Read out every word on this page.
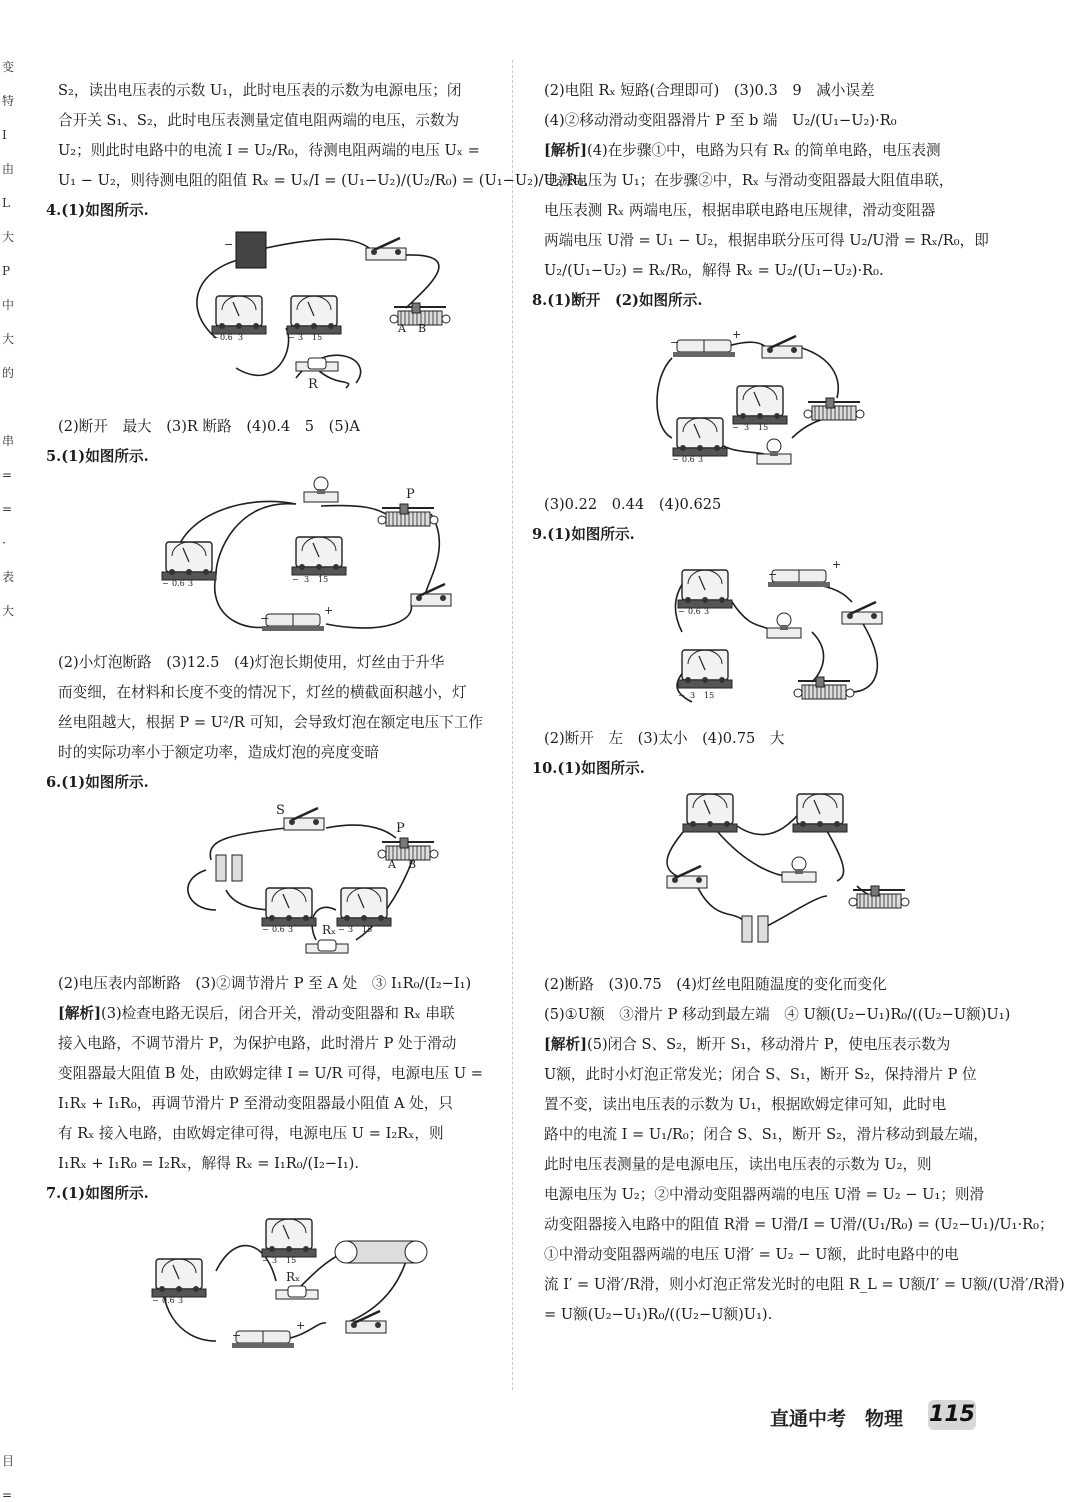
变
特
I
由
L
大
P
中
大
的
串
=
=
·
表
大
目
=
S₂，读出电压表的示数 U₁，此时电压表的示数为电源电压；闭
合开关 S₁、S₂，此时电压表测量定值电阻两端的电压，示数为
U₂；则此时电路中的电流 I = U₂/R₀，待测电阻两端的电压 Uₓ =
U₁ − U₂，则待测电阻的阻值 Rₓ = Uₓ/I = (U₁−U₂)/(U₂/R₀) = (U₁−U₂)/U₂·R₀.
4.(1)如图所示.
−
R
A B
− 0.6 3	− 3 15
(2)断开　最大　(3)R 断路　(4)0.4　5　(5)A
5.(1)如图所示.
P
−
+
− 0.6 3	− 3 15
(2)小灯泡断路　(3)12.5　(4)灯泡长期使用，灯丝由于升华
而变细，在材料和长度不变的情况下，灯丝的横截面积越小，灯
丝电阻越大，根据 P = U²/R 可知，会导致灯泡在额定电压下工作
时的实际功率小于额定功率，造成灯泡的亮度变暗
6.(1)如图所示.
S
P
A B
Rₓ
− 0.6 3	− 3 15
(2)电压表内部断路　(3)②调节滑片 P 至 A 处　③ I₁R₀/(I₂−I₁)
[解析](3)检查电路无误后，闭合开关，滑动变阻器和 Rₓ 串联
接入电路，不调节滑片 P，为保护电路，此时滑片 P 处于滑动
变阻器最大阻值 B 处，由欧姆定律 I = U/R 可得，电源电压 U =
I₁Rₓ + I₁R₀，再调节滑片 P 至滑动变阻器最小阻值 A 处，只
有 Rₓ 接入电路，由欧姆定律可得，电源电压 U = I₂Rₓ，则
I₁Rₓ + I₁R₀ = I₂Rₓ，解得 Rₓ = I₁R₀/(I₂−I₁).
7.(1)如图所示.
Rₓ
−
+
− 0.6 3
− 3 15
(2)电阻 Rₓ 短路(合理即可)　(3)0.3　9　减小误差
(4)②移动滑动变阻器滑片 P 至 b 端　U₂/(U₁−U₂)·R₀
[解析](4)在步骤①中，电路为只有 Rₓ 的简单电路，电压表测
电源电压为 U₁；在步骤②中，Rₓ 与滑动变阻器最大阻值串联，
电压表测 Rₓ 两端电压，根据串联电路电压规律，滑动变阻器
两端电压 U滑 = U₁ − U₂，根据串联分压可得 U₂/U滑 = Rₓ/R₀，即
U₂/(U₁−U₂) = Rₓ/R₀，解得 Rₓ = U₂/(U₁−U₂)·R₀.
8.(1)断开　(2)如图所示.
−
+
− 0.6 3
− 3 15
(3)0.22　0.44　(4)0.625
9.(1)如图所示.
−
+
− 0.6 3
− 3 15
(2)断开　左　(3)太小　(4)0.75　大
10.(1)如图所示.
(2)断路　(3)0.75　(4)灯丝电阻随温度的变化而变化
(5)①U额　③滑片 P 移动到最左端　④ U额(U₂−U₁)R₀/((U₂−U额)U₁)
[解析](5)闭合 S、S₂，断开 S₁，移动滑片 P，使电压表示数为
U额，此时小灯泡正常发光；闭合 S、S₁，断开 S₂，保持滑片 P 位
置不变，读出电压表的示数为 U₁，根据欧姆定律可知，此时电
路中的电流 I = U₁/R₀；闭合 S、S₁，断开 S₂，滑片移动到最左端，
此时电压表测量的是电源电压，读出电压表的示数为 U₂，则
电源电压为 U₂；②中滑动变阻器两端的电压 U滑 = U₂ − U₁；则滑
动变阻器接入电路中的阻值 R滑 = U滑/I = U滑/(U₁/R₀) = (U₂−U₁)/U₁·R₀；
①中滑动变阻器两端的电压 U滑′ = U₂ − U额，此时电路中的电
流 I′ = U滑′/R滑，则小灯泡正常发光时的电阻 R_L = U额/I′ = U额/(U滑′/R滑)
= U额(U₂−U₁)R₀/((U₂−U额)U₁).
直通中考　物理 115
